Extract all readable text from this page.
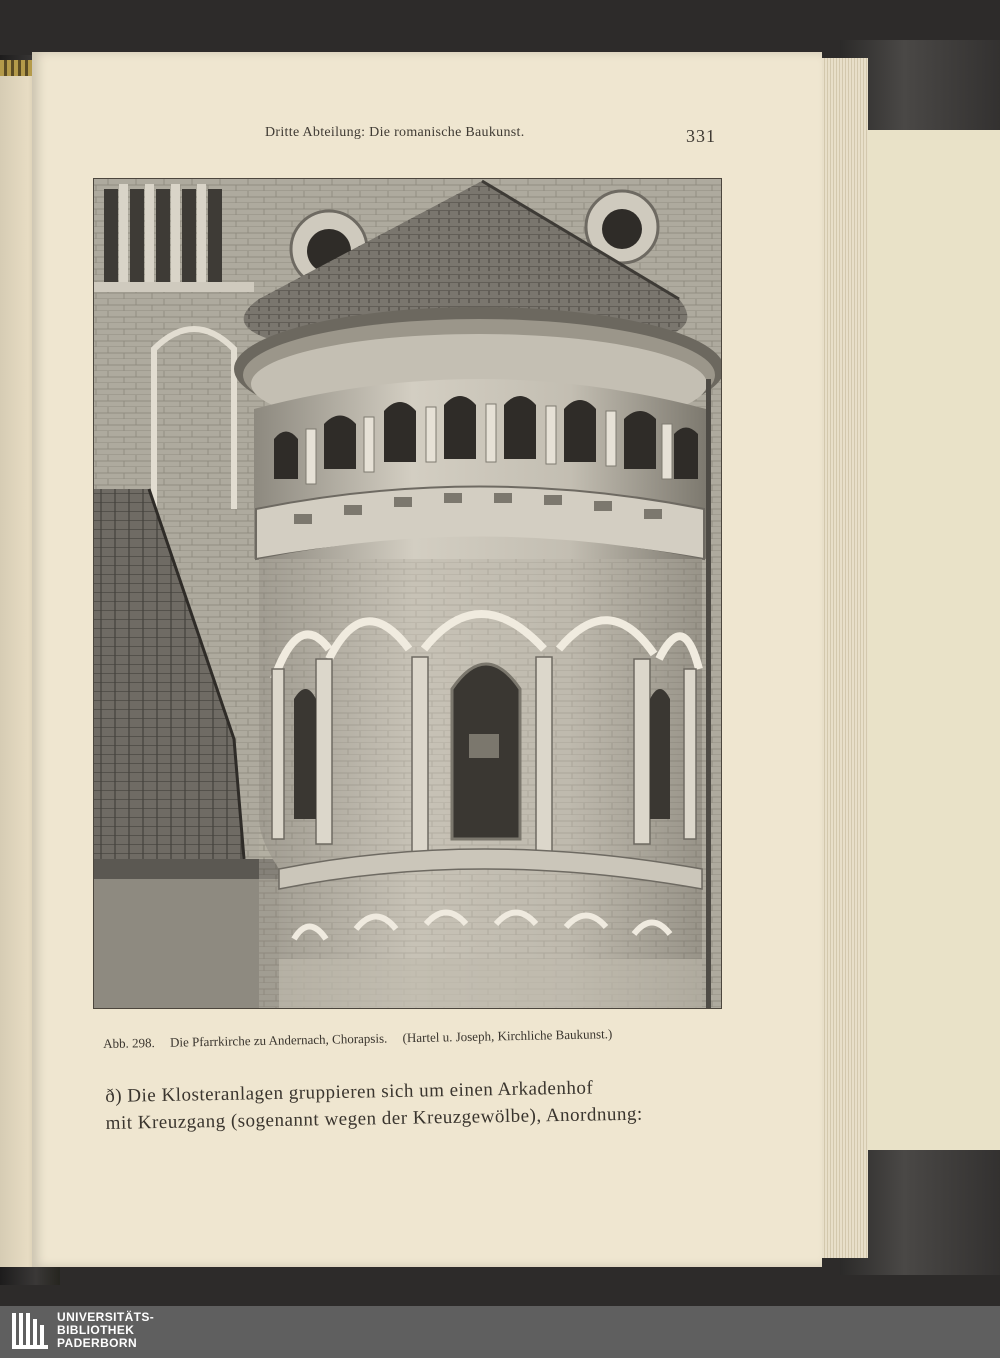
Dritte Abteilung: Die romanische Baukunst.	331
Abb. 298. Die Pfarrkirche zu Andernach, Chorapsis. (Hartel u. Joseph, Kirchliche Baukunst.)
ð) Die Klosteranlagen gruppieren sich um einen Arkadenhof
mit Kreuzgang (sogenannt wegen der Kreuzgewölbe), Anordnung:
UNIVERSITÄTS-
BIBLIOTHEK
PADERBORN
